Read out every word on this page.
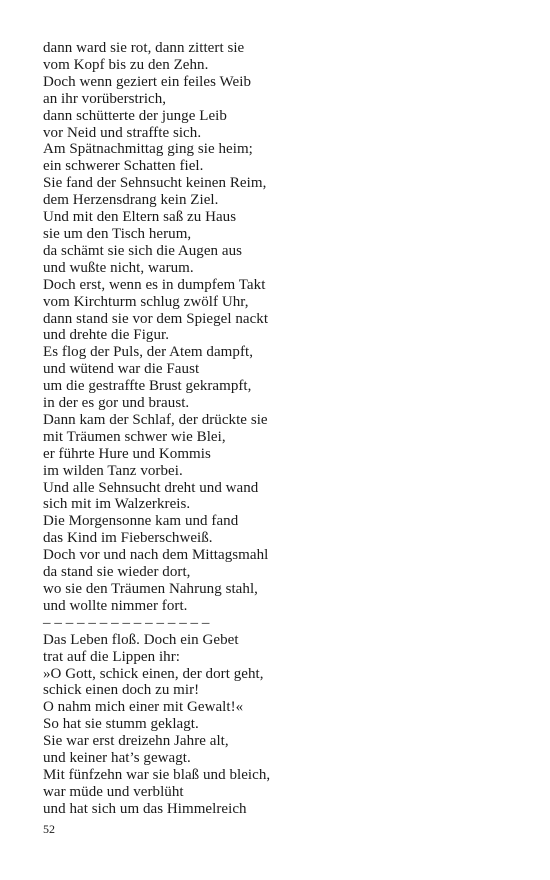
dann ward sie rot, dann zittert sie
vom Kopf bis zu den Zehn.
Doch wenn geziert ein feiles Weib
an ihr vorüberstrich,
dann schütterte der junge Leib
vor Neid und straffte sich.
Am Spätnachmittag ging sie heim;
ein schwerer Schatten fiel.
Sie fand der Sehnsucht keinen Reim,
dem Herzensdrang kein Ziel.
Und mit den Eltern saß zu Haus
sie um den Tisch herum,
da schämt sie sich die Augen aus
und wußte nicht, warum.
Doch erst, wenn es in dumpfem Takt
vom Kirchturm schlug zwölf Uhr,
dann stand sie vor dem Spiegel nackt
und drehte die Figur.
Es flog der Puls, der Atem dampft,
und wütend war die Faust
um die gestraffte Brust gekrampft,
in der es gor und braust.
Dann kam der Schlaf, der drückte sie
mit Träumen schwer wie Blei,
er führte Hure und Kommis
im wilden Tanz vorbei.
Und alle Sehnsucht dreht und wand
sich mit im Walzerkreis.
Die Morgensonne kam und fand
das Kind im Fieberschweiß.
Doch vor und nach dem Mittagsmahl
da stand sie wieder dort,
wo sie den Träumen Nahrung stahl,
und wollte nimmer fort.
– – – – – – – – – – – – – – –
Das Leben floß. Doch ein Gebet
trat auf die Lippen ihr:
»O Gott, schick einen, der dort geht,
schick einen doch zu mir!
O nahm mich einer mit Gewalt!«
So hat sie stumm geklagt.
Sie war erst dreizehn Jahre alt,
und keiner hat’s gewagt.
Mit fünfzehn war sie blaß und bleich,
war müde und verblüht
und hat sich um das Himmelreich
52
